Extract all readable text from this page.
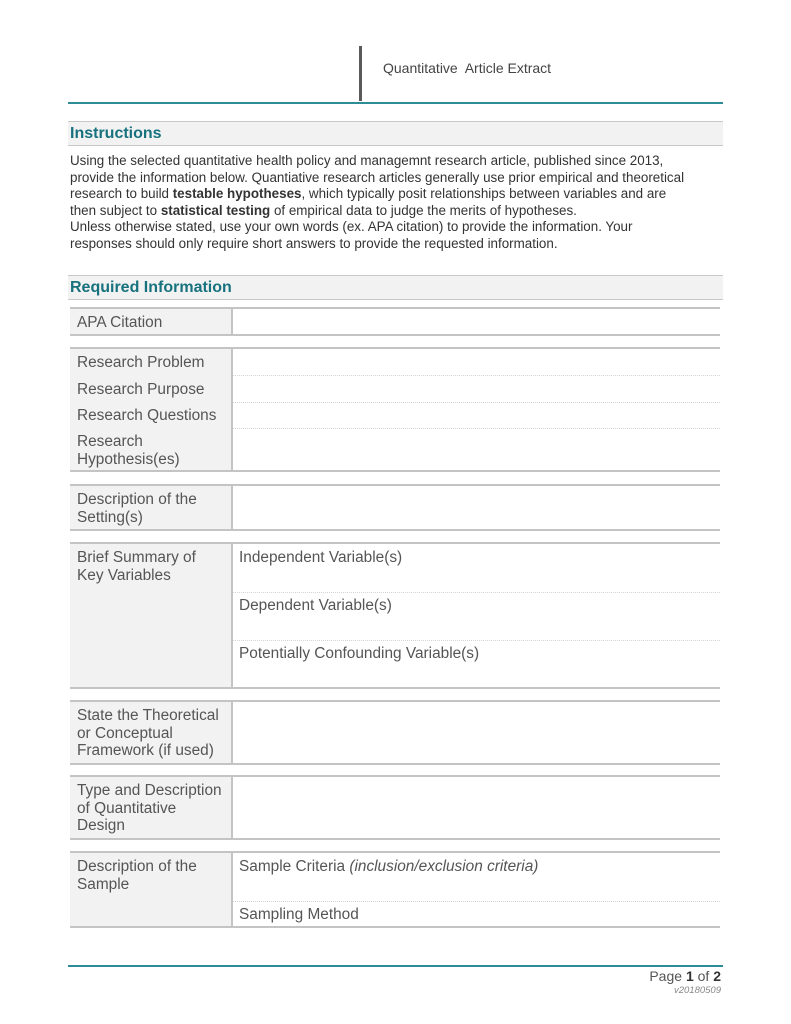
Quantitative  Article Extract
Instructions

Using the selected quantitative health policy and managemnt research article, published since 2013, provide the information below. Quantiative research articles generally use prior empirical and theoretical research to build testable hypotheses, which typically posit relationships between variables and are then subject to statistical testing of empirical data to judge the merits of hypotheses.

Unless otherwise stated, use your own words (ex. APA citation) to provide the information. Your responses should only require short answers to provide the requested information.

Required Information
APA Citation
Research Problem
Research Purpose
Research Questions
Research Hypothesis(es)
Description of the Setting(s)
Brief Summary of Key Variables
Independent Variable(s)
Dependent Variable(s)
Potentially Confounding Variable(s)
State the Theoretical or Conceptual Framework (if used)
Type and Description of Quantitative Design
Description of the Sample
Sample Criteria (inclusion/exclusion criteria)
Sampling Method
Page 1 of 2
v20180509
